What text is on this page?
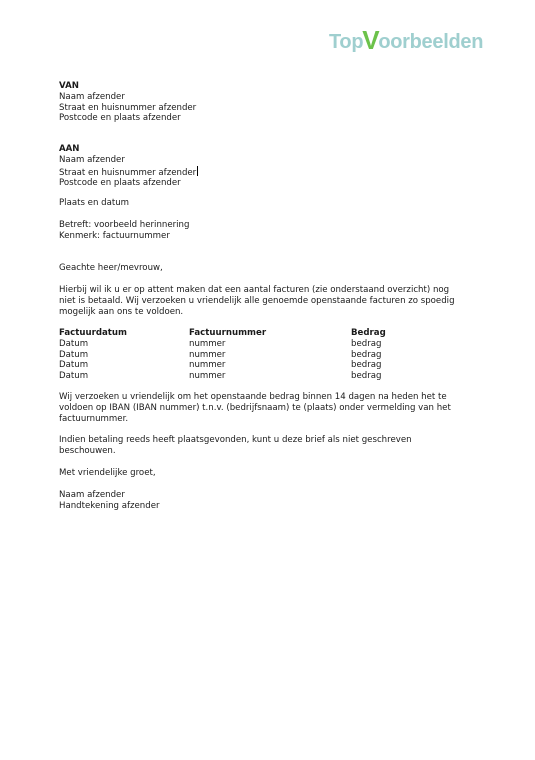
TopVoorbeelden
VAN
Naam afzender
Straat en huisnummer afzender
Postcode en plaats afzender
AAN
Naam afzender
Straat en huisnummer afzender
Postcode en plaats afzender
Plaats en datum
Betreft: voorbeeld herinnering
Kenmerk: factuurnummer
Geachte heer/mevrouw,
Hierbij wil ik u er op attent maken dat een aantal facturen (zie onderstaand overzicht) nog
niet is betaald. Wij verzoeken u vriendelijk alle genoemde openstaande facturen zo spoedig
mogelijk aan ons te voldoen.
Factuurdatum	Factuurnummer	Bedrag
Datum	nummer	bedrag
Datum	nummer	bedrag
Datum	nummer	bedrag
Datum	nummer	bedrag
Wij verzoeken u vriendelijk om het openstaande bedrag binnen 14 dagen na heden het te
voldoen op IBAN (IBAN nummer) t.n.v. (bedrijfsnaam) te (plaats) onder vermelding van het
factuurnummer.
Indien betaling reeds heeft plaatsgevonden, kunt u deze brief als niet geschreven
beschouwen.
Met vriendelijke groet,
Naam afzender
Handtekening afzender
